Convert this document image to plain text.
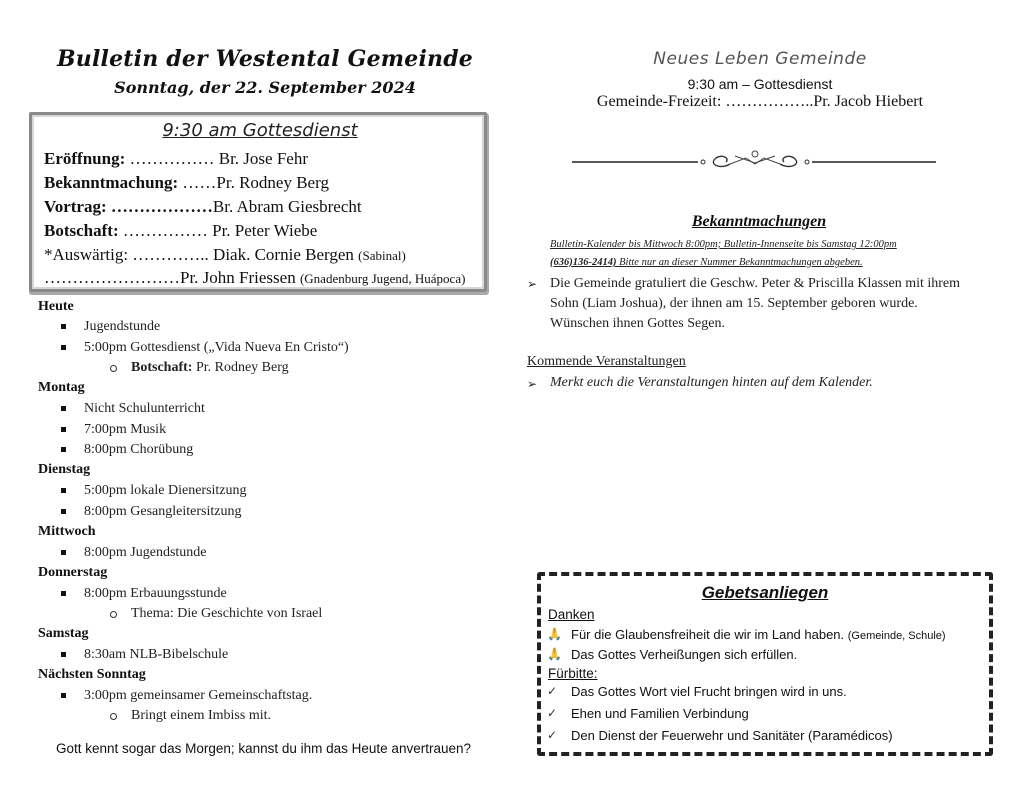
Bulletin der Westental Gemeinde
Sonntag, der 22. September 2024
9:30 am Gottesdienst
Eröffnung: …………… Br. Jose Fehr
Bekanntmachung: ……Pr. Rodney Berg
Vortrag: ………………Br. Abram Giesbrecht
Botschaft: …………… Pr. Peter Wiebe
*Auswärtig: ………….. Diak. Cornie Bergen (Sabinal)
……………………Pr. John Friessen (Gnadenburg Jugend, Huápoca)
Heute
Jugendstunde
5:00pm Gottesdienst („Vida Nueva En Cristo“)
Botschaft: Pr. Rodney Berg
Montag
Nicht Schulunterricht
7:00pm Musik
8:00pm Chorübung
Dienstag
5:00pm lokale Dienersitzung
8:00pm Gesangleitersitzung
Mittwoch
8:00pm Jugendstunde
Donnerstag
8:00pm Erbauungsstunde
Thema: Die Geschichte von Israel
Samstag
8:30am NLB-Bibelschule
Nächsten Sonntag
3:00pm gemeinsamer Gemeinschaftstag.
Bringt einem Imbiss mit.
Gott kennt sogar das Morgen; kannst du ihm das Heute anvertrauen?
Neues Leben Gemeinde
9:30 am – Gottesdienst
Gemeinde-Freizeit: ……………..Pr. Jacob Hiebert
Bekanntmachungen
Bulletin-Kalender bis Mittwoch 8:00pm; Bulletin-Innenseite bis Samstag 12:00pm
(636)136-2414) Bitte nur an dieser Nummer Bekanntmachungen abgeben.
➢ Die Gemeinde gratuliert die Geschw. Peter & Priscilla Klassen mit ihrem Sohn (Liam Joshua), der ihnen am 15. September geboren wurde. Wünschen ihnen Gottes Segen.
Kommende Veranstaltungen
➢ Merkt euch die Veranstaltungen hinten auf dem Kalender.
Gebetsanliegen
Danken
🙏 Für die Glaubensfreiheit die wir im Land haben. (Gemeinde, Schule)
🙏 Das Gottes Verheißungen sich erfüllen.
Fürbitte:
✓ Das Gottes Wort viel Frucht bringen wird in uns.
✓ Ehen und Familien Verbindung
✓ Den Dienst der Feuerwehr und Sanitäter (Paramédicos)
